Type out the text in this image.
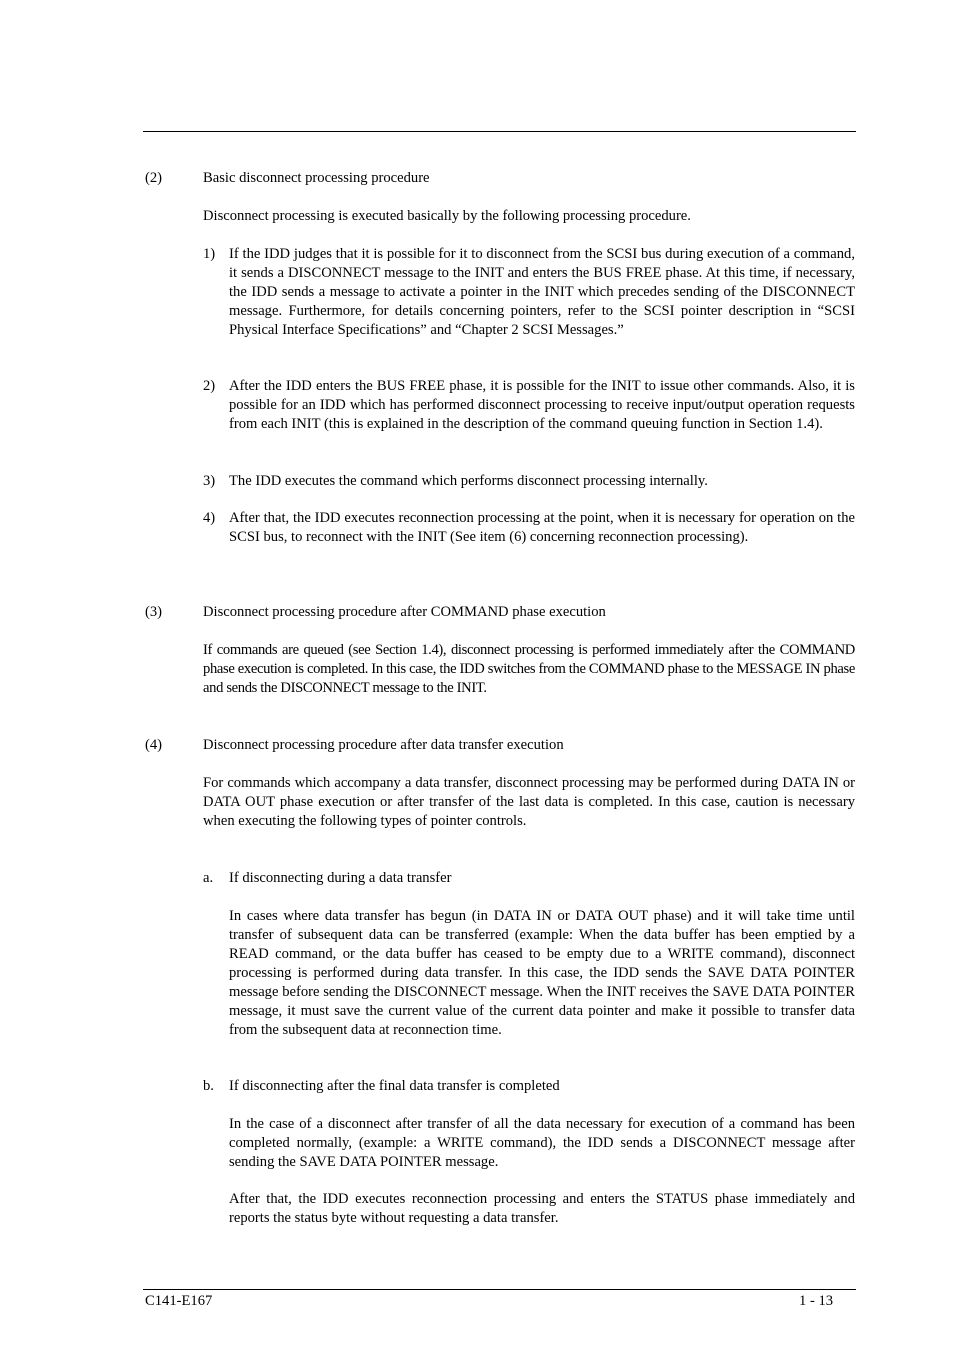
(2)	Basic disconnect processing procedure
Disconnect processing is executed basically by the following processing procedure.
1) If the IDD judges that it is possible for it to disconnect from the SCSI bus during execution of a command, it sends a DISCONNECT message to the INIT and enters the BUS FREE phase. At this time, if necessary, the IDD sends a message to activate a pointer in the INIT which precedes sending of the DISCONNECT message. Furthermore, for details concerning pointers, refer to the SCSI pointer description in “SCSI Physical Interface Specifications” and “Chapter 2 SCSI Messages.”
2) After the IDD enters the BUS FREE phase, it is possible for the INIT to issue other commands. Also, it is possible for an IDD which has performed disconnect processing to receive input/output operation requests from each INIT (this is explained in the description of the command queuing function in Section 1.4).
3) The IDD executes the command which performs disconnect processing internally.
4) After that, the IDD executes reconnection processing at the point, when it is necessary for operation on the SCSI bus, to reconnect with the INIT (See item (6) concerning reconnection processing).
(3)	Disconnect processing procedure after COMMAND phase execution
If commands are queued (see Section 1.4), disconnect processing is performed immediately after the COMMAND phase execution is completed. In this case, the IDD switches from the COMMAND phase to the MESSAGE IN phase and sends the DISCONNECT message to the INIT.
(4)	Disconnect processing procedure after data transfer execution
For commands which accompany a data transfer, disconnect processing may be performed during DATA IN or DATA OUT phase execution or after transfer of the last data is completed. In this case, caution is necessary when executing the following types of pointer controls.
a. If disconnecting during a data transfer
In cases where data transfer has begun (in DATA IN or DATA OUT phase) and it will take time until transfer of subsequent data can be transferred (example: When the data buffer has been emptied by a READ command, or the data buffer has ceased to be empty due to a WRITE command), disconnect processing is performed during data transfer. In this case, the IDD sends the SAVE DATA POINTER message before sending the DISCONNECT message. When the INIT receives the SAVE DATA POINTER message, it must save the current value of the current data pointer and make it possible to transfer data from the subsequent data at reconnection time.
b. If disconnecting after the final data transfer is completed
In the case of a disconnect after transfer of all the data necessary for execution of a command has been completed normally, (example: a WRITE command), the IDD sends a DISCONNECT message after sending the SAVE DATA POINTER message.
After that, the IDD executes reconnection processing and enters the STATUS phase immediately and reports the status byte without requesting a data transfer.
C141-E167	1 - 13
